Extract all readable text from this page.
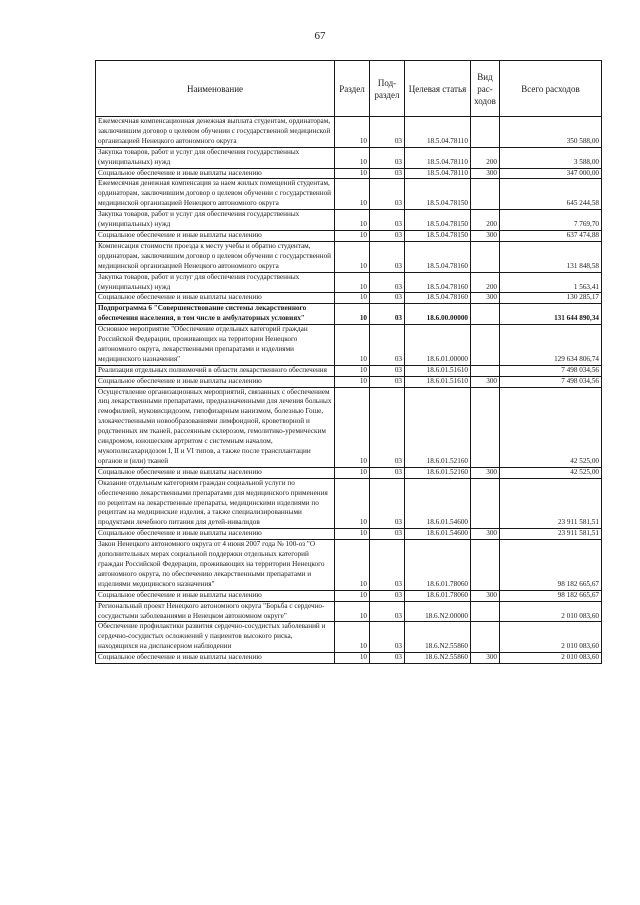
67
Наименование	Раздел	Под-раздел	Целевая статья	Вид рас-ходов	Всего расходов
Ежемесячная компенсационная денежная выплата студентам, ординаторам, заключившим договор о целевом обучении с государственной медицинской организацией Ненецкого автономного округа	10	03	18.5.04.78110		350 588,00
Закупка товаров, работ и услуг для обеспечения государственных (муниципальных) нужд	10	03	18.5.04.78110	200	3 588,00
Социальное обеспечение и иные выплаты населению	10	03	18.5.04.78110	300	347 000,00
Ежемесячная денежная компенсация за наем жилых помещений студентам, ординаторам, заключившим договор о целевом обучении с государственной медицинской организацией Ненецкого автономного округа	10	03	18.5.04.78150		645 244,58
Закупка товаров, работ и услуг для обеспечения государственных (муниципальных) нужд	10	03	18.5.04.78150	200	7 769,70
Социальное обеспечение и иные выплаты населению	10	03	18.5.04.78150	300	637 474,88
Компенсация стоимости проезда к месту учебы и обратно студентам, ординаторам, заключившим договор о целевом обучении с государственной медицинской организацией Ненецкого автономного округа	10	03	18.5.04.78160		131 848,58
Закупка товаров, работ и услуг для обеспечения государственных (муниципальных) нужд	10	03	18.5.04.78160	200	1 563,41
Социальное обеспечение и иные выплаты населению	10	03	18.5.04.78160	300	130 285,17
Подпрограмма 6 "Совершенствование системы лекарственного обеспечения населения, в том числе в амбулаторных условиях"	10	03	18.6.00.00000		131 644 890,34
Основное мероприятие "Обеспечение отдельных категорий граждан Российской Федерации, проживающих на территории Ненецкого автономного округа, лекарственными препаратами и изделиями медицинского назначения"	10	03	18.6.01.00000		129 634 806,74
Реализация отдельных полномочий в области лекарственного обеспечения	10	03	18.6.01.51610		7 498 034,56
Социальное обеспечение и иные выплаты населению	10	03	18.6.01.51610	300	7 498 034,56
Осуществление организационных мероприятий, связанных с обеспечением лиц лекарственными препаратами, предназначенными для лечения больных гемофилией, муковисцидозом, гипофизарным нанизмом, болезнью Гоше, злокачественными новообразованиями лимфоидной, кроветворной и родственных им тканей, рассеянным склерозом, гемолитико-уремическим синдромом, юношеским артритом с системным началом, мукополисахаридозом I, II и VI типов, а также после трансплантации органов и (или) тканей	10	03	18.6.01.52160		42 525,00
Социальное обеспечение и иные выплаты населению	10	03	18.6.01.52160	300	42 525,00
Оказание отдельным категориям граждан социальной услуги по обеспечению лекарственными препаратами для медицинского применения по рецептам на лекарственные препараты, медицинскими изделиями по рецептам на медицинские изделия, а также специализированными продуктами лечебного питания для детей-инвалидов	10	03	18.6.01.54600		23 911 581,51
Социальное обеспечение и иные выплаты населению	10	03	18.6.01.54600	300	23 911 581,51
Закон Ненецкого автономного округа от 4 июня 2007 года № 100-оз "О дополнительных мерах социальной поддержки отдельных категорий граждан Российской Федерации, проживающих на территории Ненецкого автономного округа, по обеспечению лекарственными препаратами и изделиями медицинского назначения"	10	03	18.6.01.78060		98 182 665,67
Социальное обеспечение и иные выплаты населению	10	03	18.6.01.78060	300	98 182 665,67
Региональный проект Ненецкого автономного округа "Борьба с сердечно-сосудистыми заболеваниями в Ненецком автономном округе"	10	03	18.6.N2.00000		2 010 083,60
Обеспечение профилактики развития сердечно-сосудистых заболеваний и сердечно-сосудистых осложнений у пациентов высокого риска, находящихся на диспансерном наблюдении	10	03	18.6.N2.55860		2 010 083,60
Социальное обеспечение и иные выплаты населению	10	03	18.6.N2.55860	300	2 010 083,60
